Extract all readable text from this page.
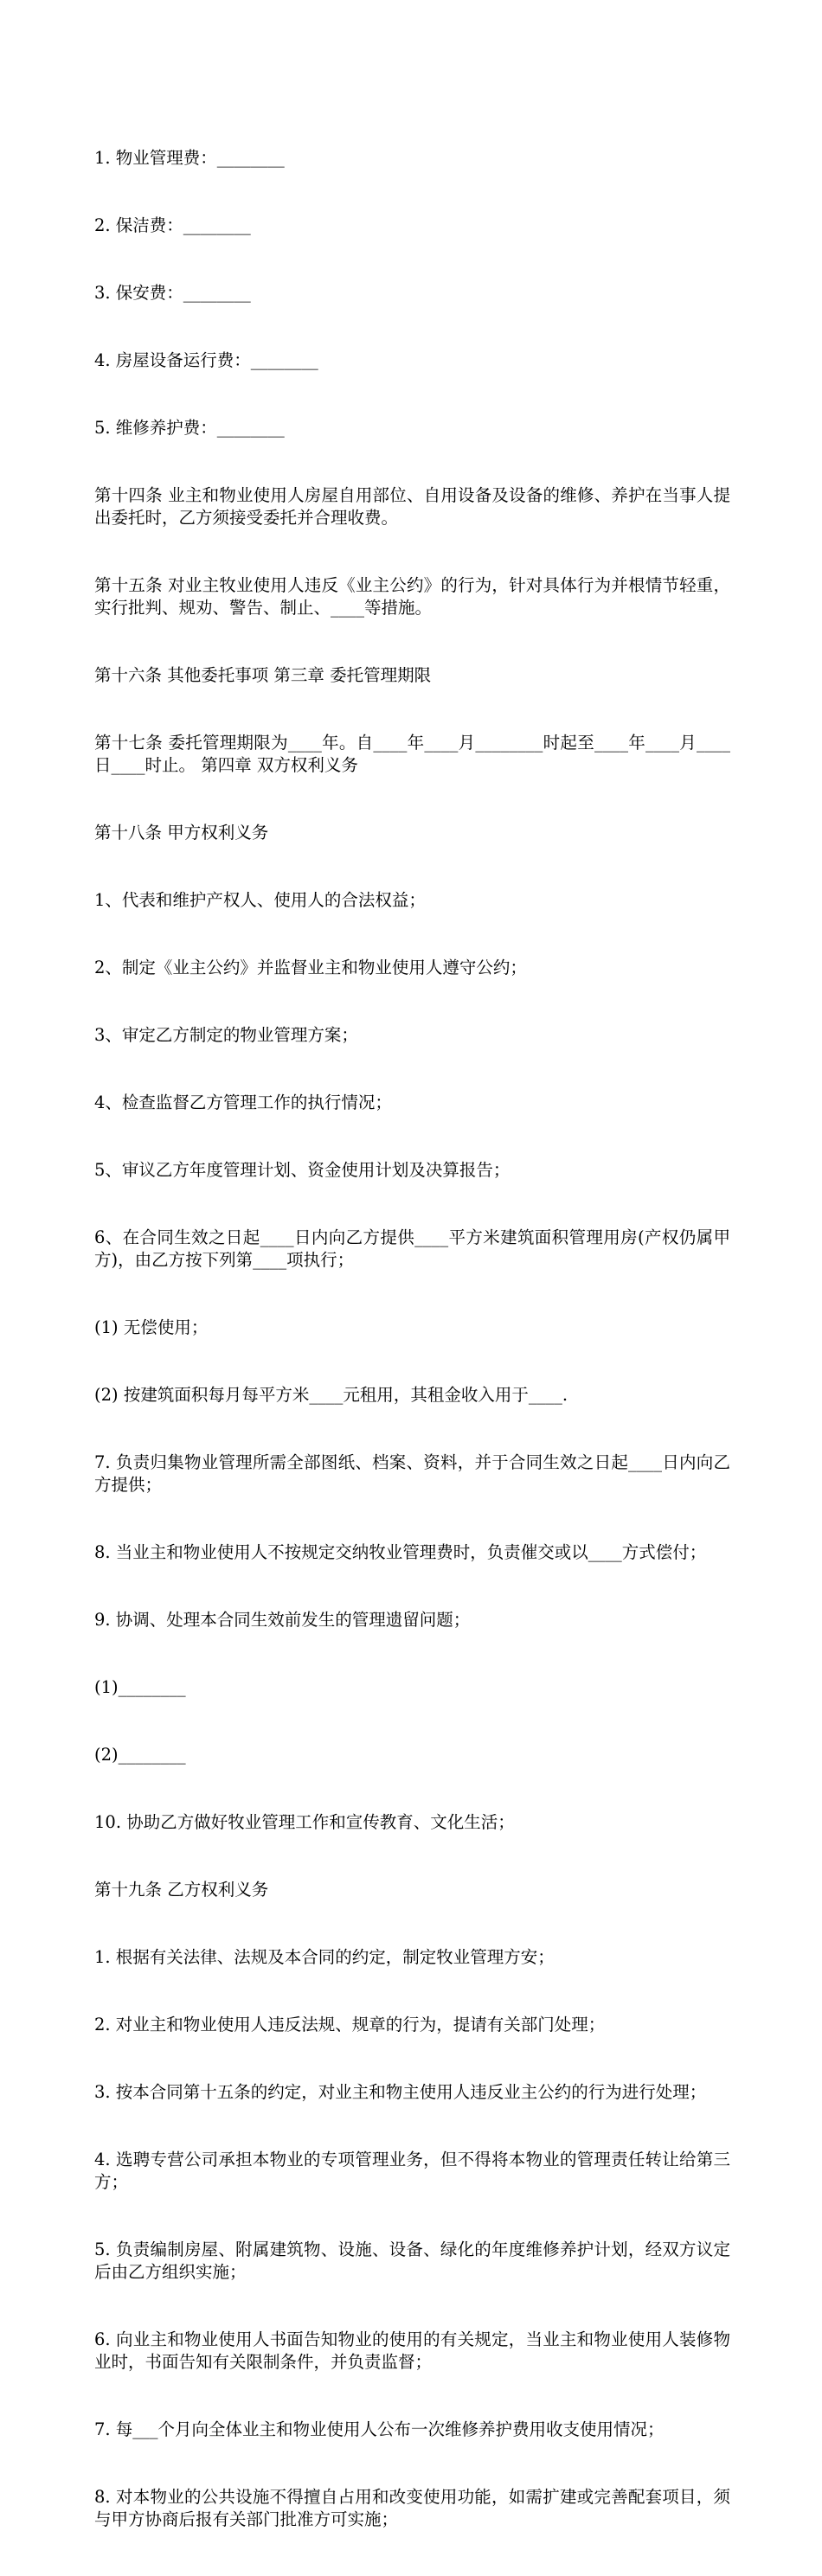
1. 物业管理费：________

2. 保洁费：________

3. 保安费：________

4. 房屋设备运行费：________

5. 维修养护费：________

第十四条 业主和物业使用人房屋自用部位、自用设备及设备的维修、养护在当事人提出委托时，乙方须接受委托并合理收费。

第十五条 对业主牧业使用人违反《业主公约》的行为，针对具体行为并根情节轻重，实行批判、规劝、警告、制止、____等措施。

第十六条 其他委托事项 第三章 委托管理期限

第十七条 委托管理期限为____年。自____年____月________时起至____年____月____日____时止。 第四章 双方权利义务

第十八条 甲方权利义务

1、代表和维护产权人、使用人的合法权益；

2、制定《业主公约》并监督业主和物业使用人遵守公约；

3、审定乙方制定的物业管理方案；

4、检查监督乙方管理工作的执行情况；

5、审议乙方年度管理计划、资金使用计划及决算报告；

6、在合同生效之日起____日内向乙方提供____平方米建筑面积管理用房(产权仍属甲方)，由乙方按下列第____项执行；

(1) 无偿使用；

(2) 按建筑面积每月每平方米____元租用，其租金收入用于____.

7. 负责归集物业管理所需全部图纸、档案、资料，并于合同生效之日起____日内向乙方提供；

8. 当业主和物业使用人不按规定交纳牧业管理费时，负责催交或以____方式偿付；

9. 协调、处理本合同生效前发生的管理遗留问题；

(1)________

(2)________

10. 协助乙方做好牧业管理工作和宣传教育、文化生活；

第十九条 乙方权利义务

1. 根据有关法律、法规及本合同的约定，制定牧业管理方安；

2. 对业主和物业使用人违反法规、规章的行为，提请有关部门处理；

3. 按本合同第十五条的约定，对业主和物主使用人违反业主公约的行为进行处理；

4. 选聘专营公司承担本物业的专项管理业务，但不得将本物业的管理责任转让给第三方；

5. 负责编制房屋、附属建筑物、设施、设备、绿化的年度维修养护计划，经双方议定后由乙方组织实施；

6. 向业主和物业使用人书面告知物业的使用的有关规定，当业主和物业使用人装修物业时，书面告知有关限制条件，并负责监督；

7. 每___个月向全体业主和物业使用人公布一次维修养护费用收支使用情况；

8. 对本物业的公共设施不得擅自占用和改变使用功能，如需扩建或完善配套项目，须与甲方协商后报有关部门批准方可实施；
